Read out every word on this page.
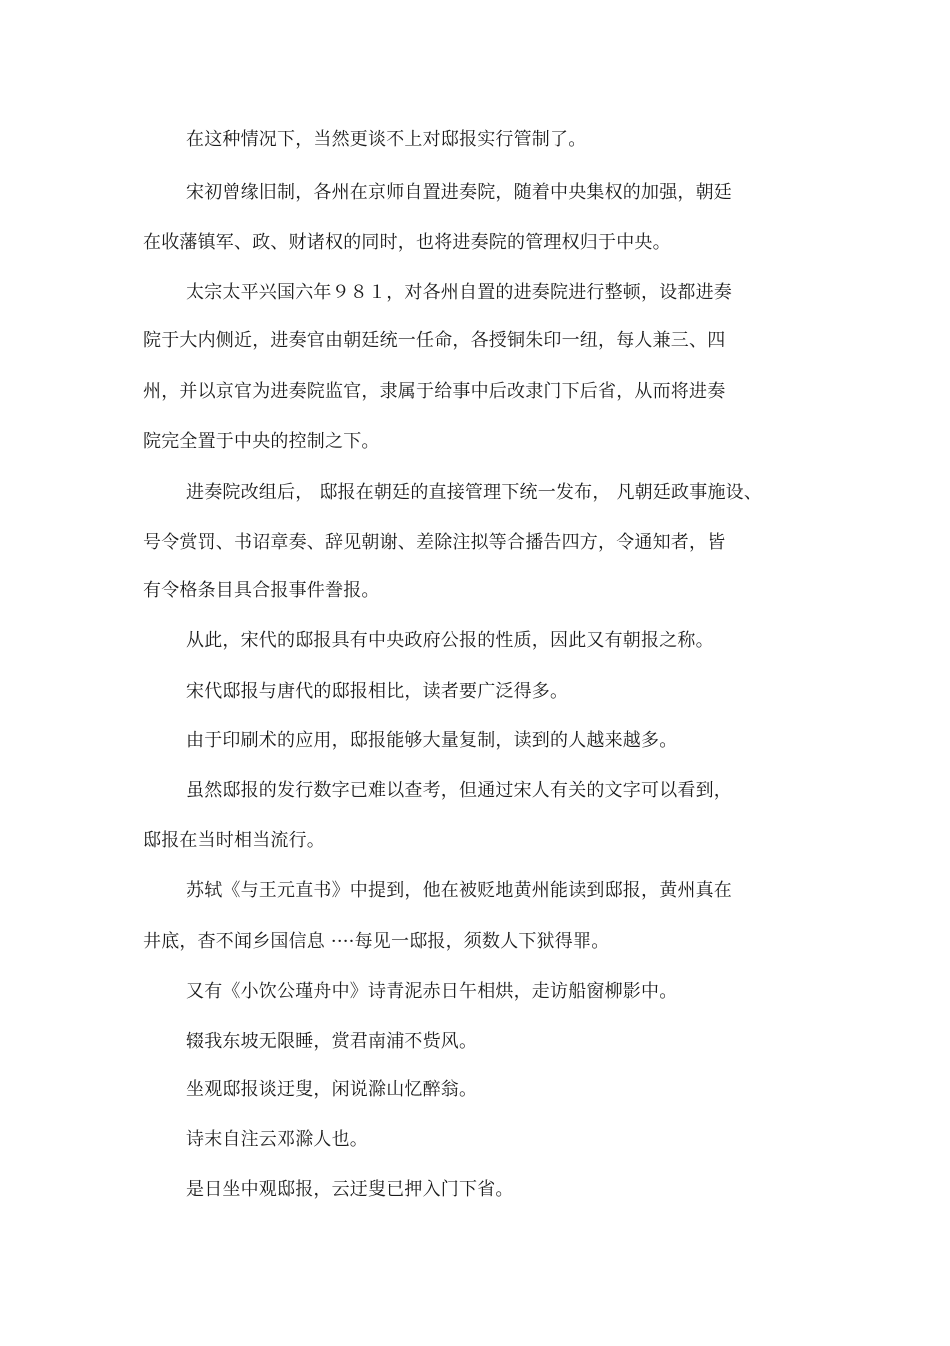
在这种情况下，当然更谈不上对邸报实行管制了。
宋初曾缘旧制，各州在京师自置进奏院，随着中央集权的加强，朝廷
在收藩镇军、政、财诸权的同时，也将进奏院的管理权归于中央。
太宗太平兴国六年９８１，对各州自置的进奏院进行整顿，设都进奏
院于大内侧近，进奏官由朝廷统一任命，各授铜朱印一纽，每人兼三、四
州，并以京官为进奏院监官，隶属于给事中后改隶门下后省，从而将进奏
院完全置于中央的控制之下。
进奏院改组后， 邸报在朝廷的直接管理下统一发布， 凡朝廷政事施设、
号令赏罚、书诏章奏、辞见朝谢、差除注拟等合播告四方，令通知者，皆
有令格条目具合报事件誊报。
从此，宋代的邸报具有中央政府公报的性质，因此又有朝报之称。
宋代邸报与唐代的邸报相比，读者要广泛得多。
由于印刷术的应用，邸报能够大量复制，读到的人越来越多。
虽然邸报的发行数字已难以查考，但通过宋人有关的文字可以看到，
邸报在当时相当流行。
苏轼《与王元直书》中提到，他在被贬地黄州能读到邸报，黄州真在
井底，杳不闻乡国信息 ····每见一邸报，须数人下狱得罪。
又有《小饮公瑾舟中》诗青泥赤日午相烘，走访船窗柳影中。
辍我东坡无限睡，赏君南浦不赀风。
坐观邸报谈迂叟，闲说滁山忆醉翁。
诗末自注云邓滁人也。
是日坐中观邸报，云迂叟已押入门下省。
